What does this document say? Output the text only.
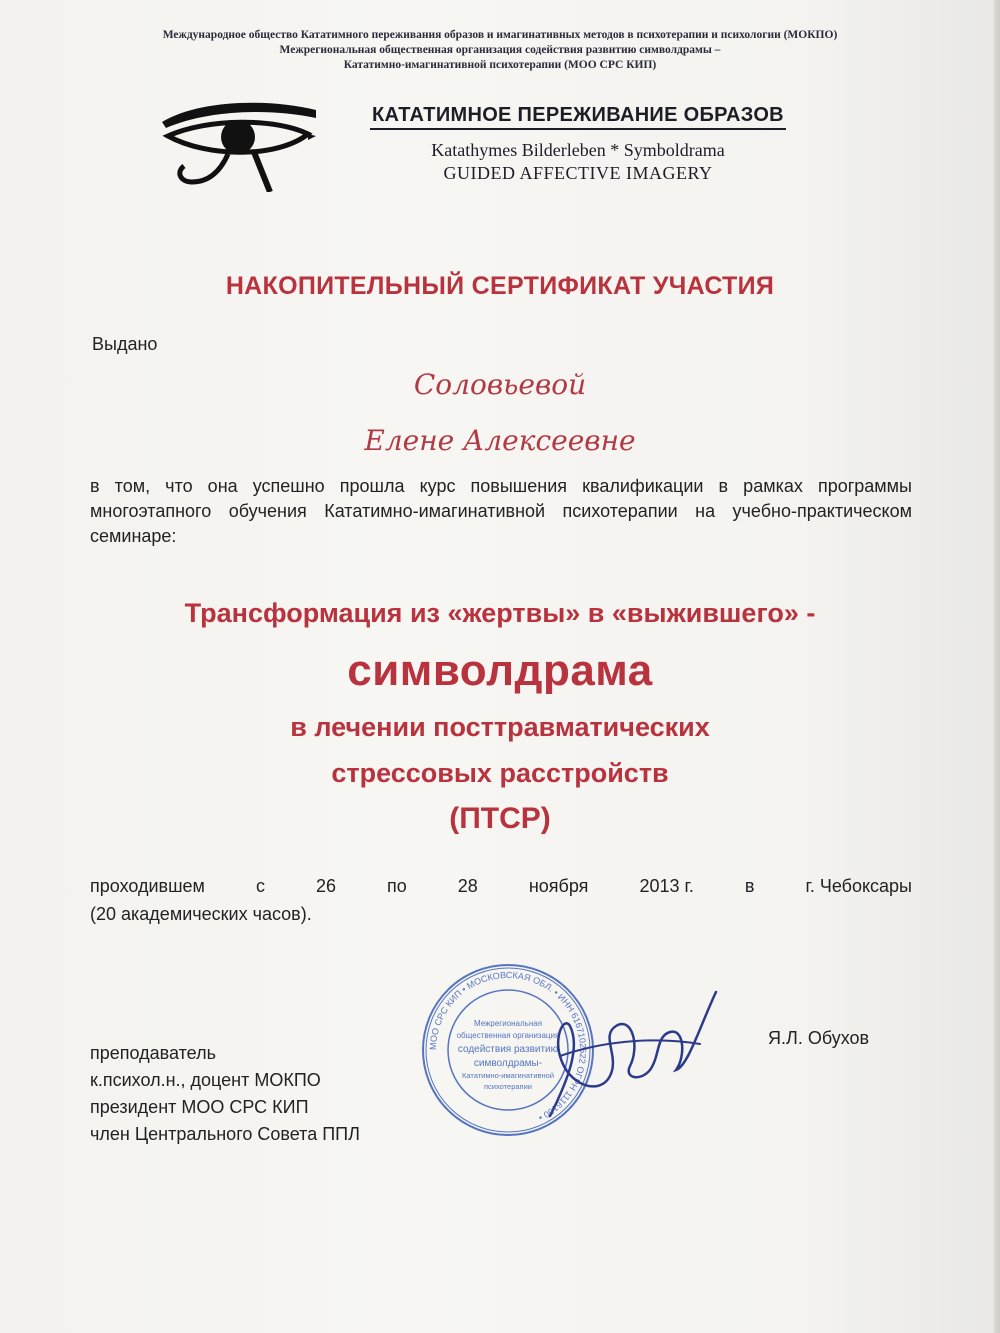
Международное общество Кататимного переживания образов и имагинативных методов в психотерапии и психологии (МОКПО)
Межрегиональная общественная организация содействия развитию символдрамы –
Кататимно-имагинативной психотерапии (МОО СРС КИП)
КАТАТИМНОЕ ПЕРЕЖИВАНИЕ ОБРАЗОВ
Katathymes Bilderleben * Symboldrama
GUIDED AFFECTIVE IMAGERY
НАКОПИТЕЛЬНЫЙ СЕРТИФИКАТ УЧАСТИЯ
Выдано
Соловьевой
Елене Алексеевне
в том, что она успешно прошла курс повышения квалификации в рамках программы многоэтапного обучения Кататимно-имагинативной психотерапии на учебно-практическом семинаре:
Трансформация из «жертвы» в «выжившего» -
символдрама
в лечении посттравматических
стрессовых расстройств
(ПТСР)
проходившем	с	26	по	28	ноября	2013 г.	в	г. Чебоксары
(20 академических часов).
преподаватель
к.психол.н., доцент МОКПО
президент МОО СРС КИП
член Центрального Совета ППЛ
Я.Л. Обухов
МОО СРС КИП • МОСКОВСКАЯ ОБЛ. • ИНН 6167102522 ОГРН 1116100 •
Межрегиональная
общественная организация
содействия развитию
символдрамы-
Кататимно-имагинативной
психотерапии
